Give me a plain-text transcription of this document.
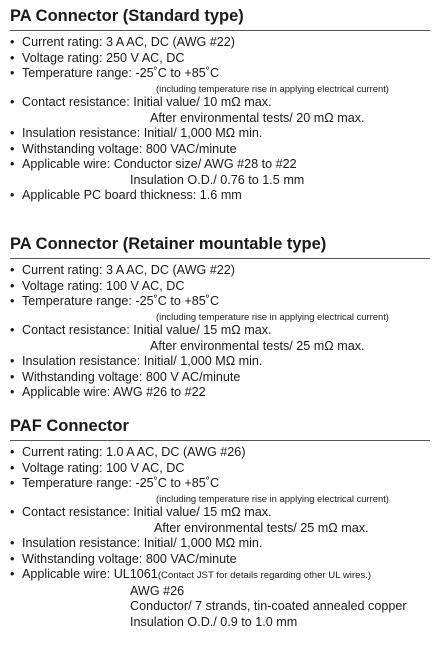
PA Connector (Standard type)
• Current rating: 3 A AC, DC (AWG #22)
• Voltage rating: 250 V AC, DC
• Temperature range: -25˚C to +85˚C
(including temperature rise in applying electrical current)
• Contact resistance: Initial value/ 10 mΩ max.
After environmental tests/ 20 mΩ max.
• Insulation resistance: Initial/ 1,000 MΩ min.
• Withstanding voltage: 800 VAC/minute
• Applicable wire: Conductor size/ AWG #28 to #22
Insulation O.D./ 0.76 to 1.5 mm
• Applicable PC board thickness: 1.6 mm
PA Connector (Retainer mountable type)
• Current rating: 3 A AC, DC (AWG #22)
• Voltage rating: 100 V AC, DC
• Temperature range: -25˚C to +85˚C
(including temperature rise in applying electrical current)
• Contact resistance: Initial value/ 15 mΩ max.
After environmental tests/ 25 mΩ max.
• Insulation resistance: Initial/ 1,000 MΩ min.
• Withstanding voltage: 800 V AC/minute
• Applicable wire: AWG #26 to #22
PAF Connector
• Current rating: 1.0 A AC, DC (AWG #26)
• Voltage rating: 100 V AC, DC
• Temperature range: -25˚C to +85˚C
(including temperature rise in applying electrical current)
• Contact resistance: Initial value/ 15 mΩ max.
After environmental tests/ 25 mΩ max.
• Insulation resistance: Initial/ 1,000 MΩ min.
• Withstanding voltage: 800 VAC/minute
• Applicable wire: UL1061(Contact JST for details regarding other UL wires.)
AWG #26
Conductor/ 7 strands, tin-coated annealed copper
Insulation O.D./ 0.9 to 1.0 mm
